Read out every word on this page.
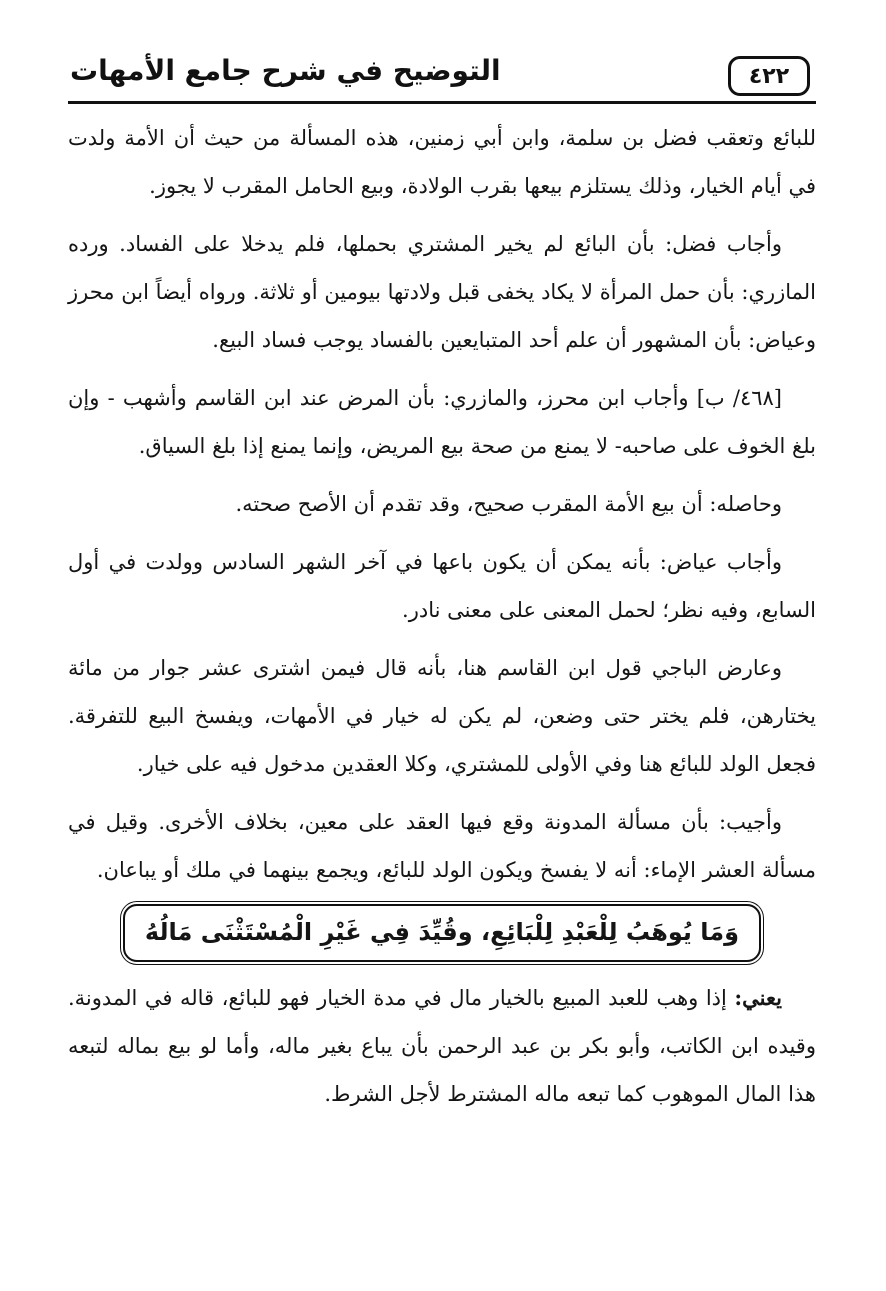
التوضيح في شرح جامع الأمهات	٤٢٢

للبائع وتعقب فضل بن سلمة، وابن أبي زمنين، هذه المسألة من حيث أن الأمة ولدت في أيام الخيار، وذلك يستلزم بيعها بقرب الولادة، وبيع الحامل المقرب لا يجوز.

وأجاب فضل: بأن البائع لم يخير المشتري بحملها، فلم يدخلا على الفساد. ورده المازري: بأن حمل المرأة لا يكاد يخفى قبل ولادتها بيومين أو ثلاثة. ورواه أيضاً ابن محرز وعياض: بأن المشهور أن علم أحد المتبايعين بالفساد يوجب فساد البيع.

[٤٦٨/ ب] وأجاب ابن محرز، والمازري: بأن المرض عند ابن القاسم وأشهب - وإن بلغ الخوف على صاحبه- لا يمنع من صحة بيع المريض، وإنما يمنع إذا بلغ السياق.

وحاصله: أن بيع الأمة المقرب صحيح، وقد تقدم أن الأصح صحته.

وأجاب عياض: بأنه يمكن أن يكون باعها في آخر الشهر السادس وولدت في أول السابع، وفيه نظر؛ لحمل المعنى على معنى نادر.

وعارض الباجي قول ابن القاسم هنا، بأنه قال فيمن اشترى عشر جوار من مائة يختارهن، فلم يختر حتى وضعن، لم يكن له خيار في الأمهات، ويفسخ البيع للتفرقة. فجعل الولد للبائع هنا وفي الأولى للمشتري، وكلا العقدين مدخول فيه على خيار.

وأجيب: بأن مسألة المدونة وقع فيها العقد على معين، بخلاف الأخرى. وقيل في مسألة العشر الإماء: أنه لا يفسخ ويكون الولد للبائع، ويجمع بينهما في ملك أو يباعان.

وَمَا يُوهَبُ لِلْعَبْدِ لِلْبَائِعِ، وقُيِّدَ فِي غَيْرِ الْمُسْتَثْنَى مَالُهُ

يعني: إذا وهب للعبد المبيع بالخيار مال في مدة الخيار فهو للبائع، قاله في المدونة. وقيده ابن الكاتب، وأبو بكر بن عبد الرحمن بأن يباع بغير ماله، وأما لو بيع بماله لتبعه هذا المال الموهوب كما تبعه ماله المشترط لأجل الشرط.
